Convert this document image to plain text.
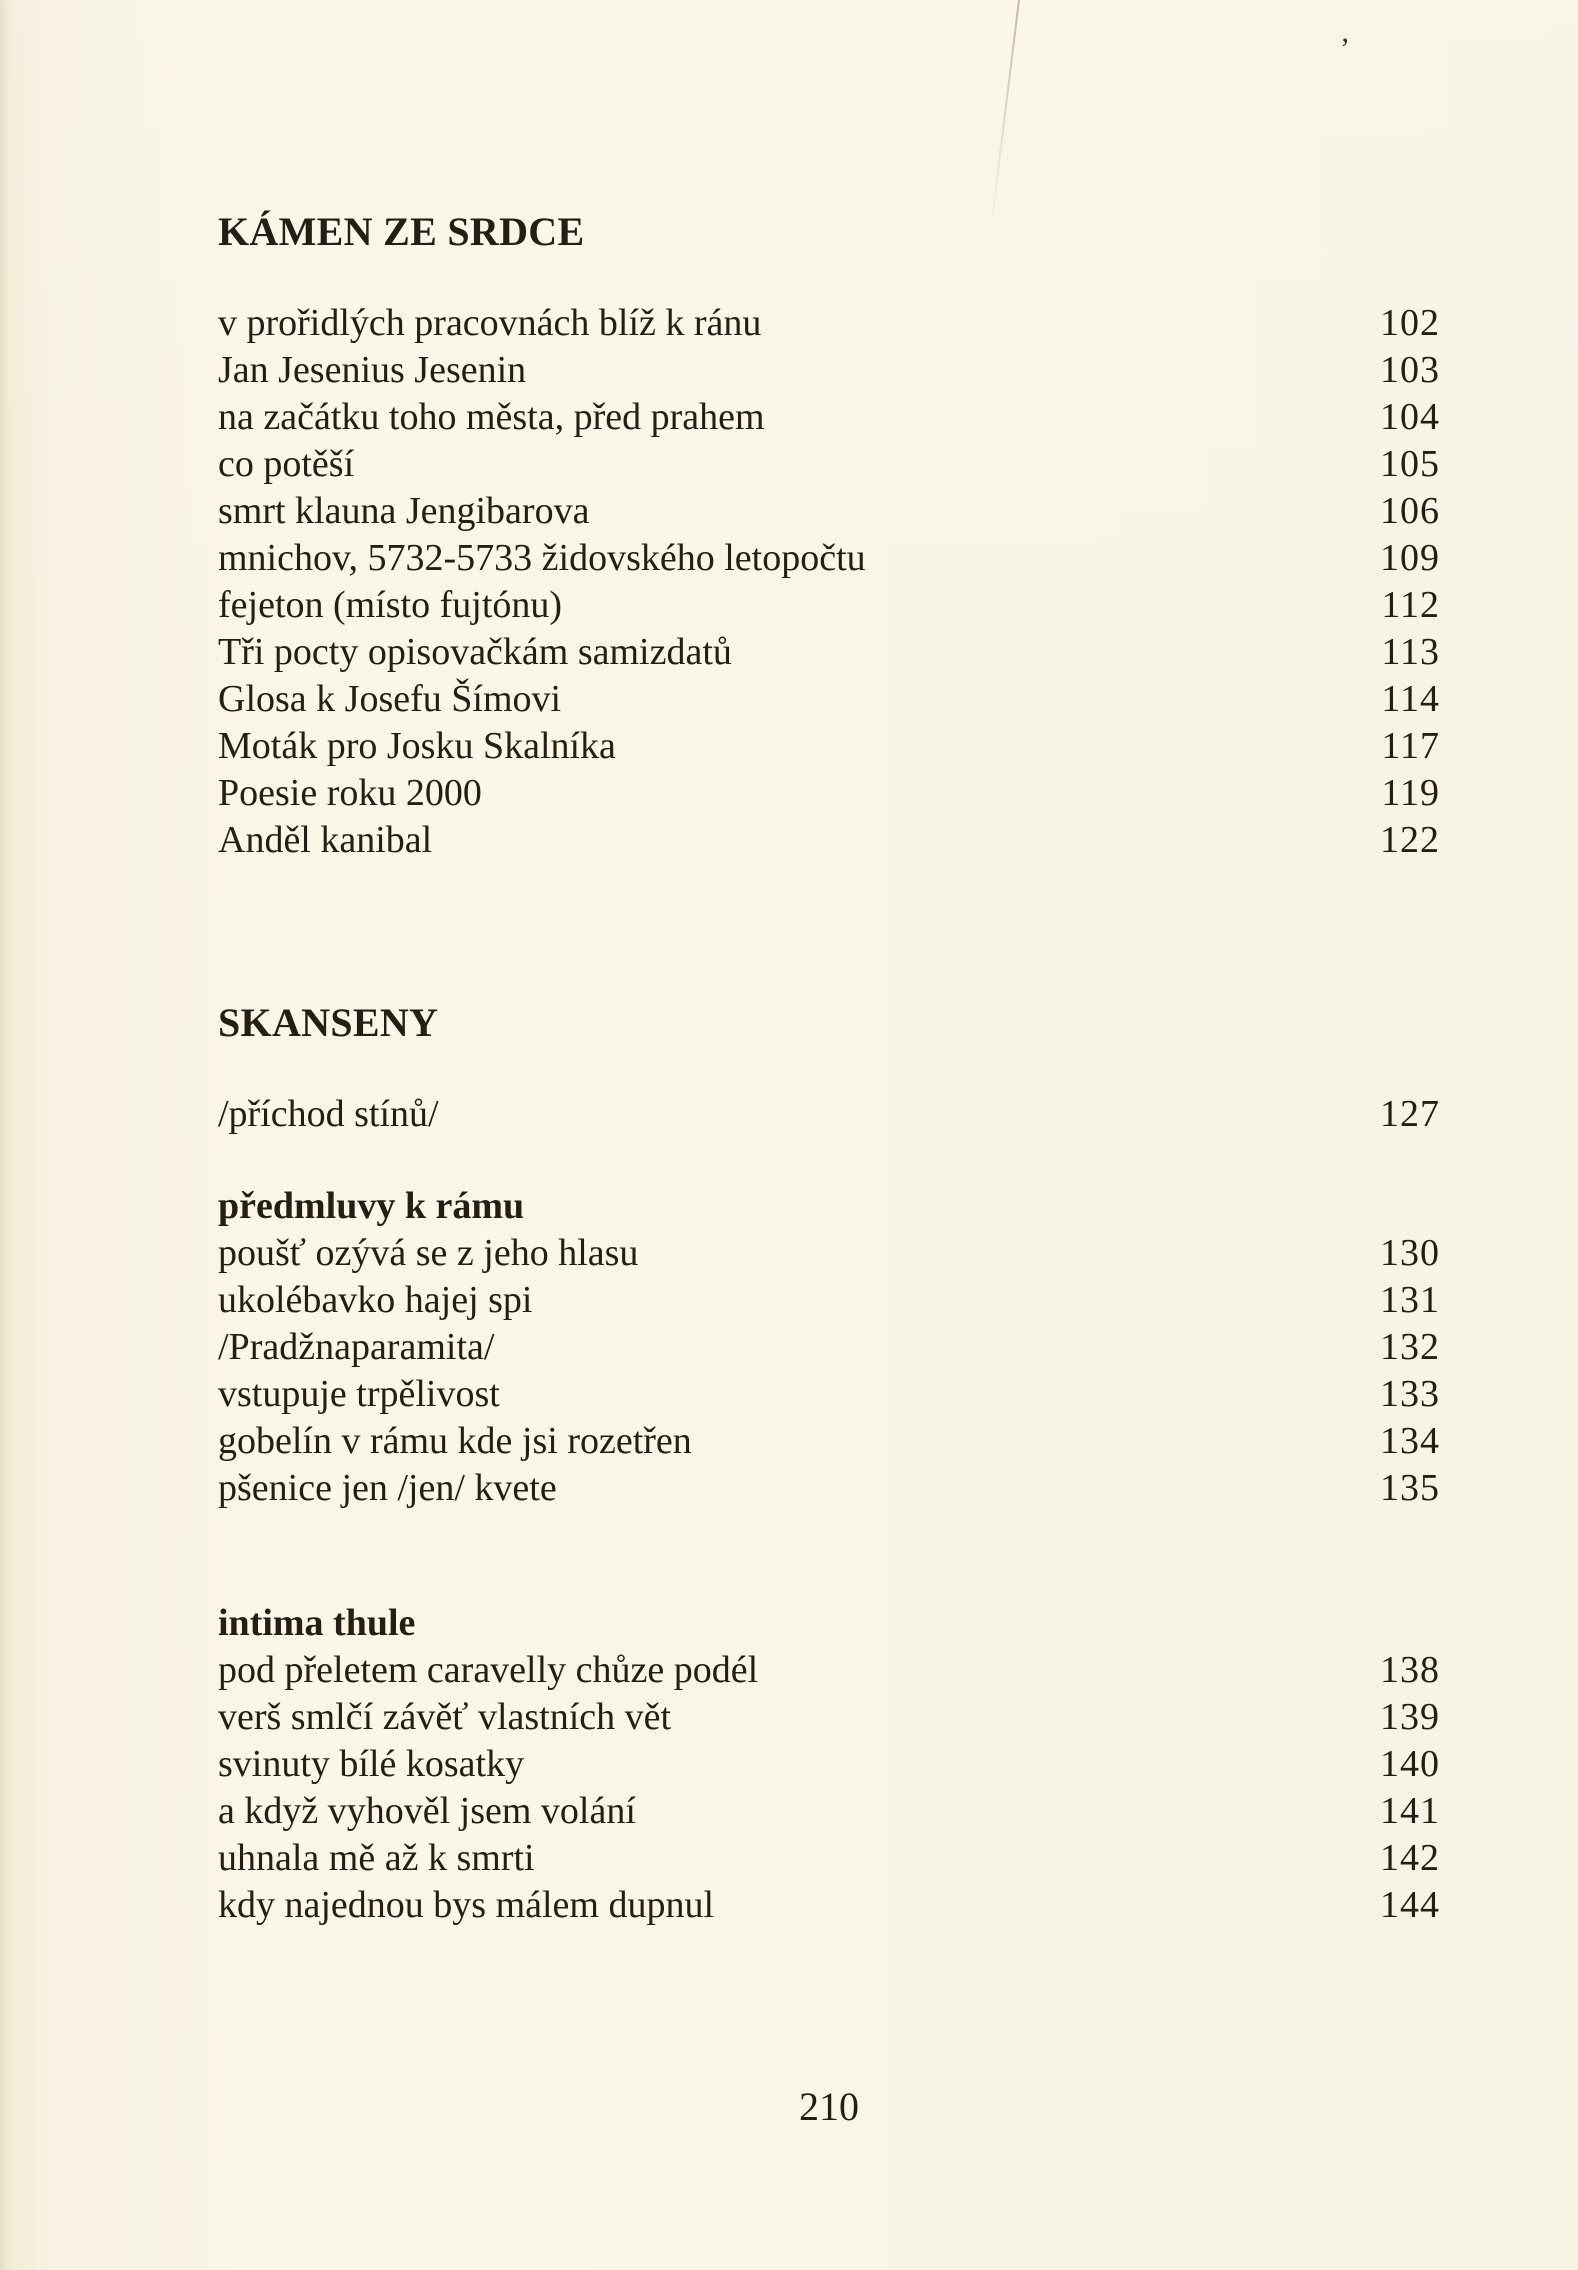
’
KÁMEN ZE SRDCE
v prořidlých pracovnách blíž k ránu	102
Jan Jesenius Jesenin	103
na začátku toho města, před prahem	104
co potěší	105
smrt klauna Jengibarova	106
mnichov, 5732-5733 židovského letopočtu	109
fejeton (místo fujtónu)	112
Tři pocty opisovačkám samizdatů	113
Glosa k Josefu Šímovi	114
Moták pro Josku Skalníka	117
Poesie roku 2000	119
Anděl kanibal	122
SKANSENY
/příchod stínů/	127
předmluvy k rámu
poušť ozývá se z jeho hlasu	130
ukolébavko hajej spi	131
/Pradžnaparamita/	132
vstupuje trpělivost	133
gobelín v rámu kde jsi rozetřen	134
pšenice jen /jen/ kvete	135
intima thule
pod přeletem caravelly chůze podél	138
verš smlčí závěť vlastních vět	139
svinuty bílé kosatky	140
a když vyhověl jsem volání	141
uhnala mě až k smrti	142
kdy najednou bys málem dupnul	144
210
